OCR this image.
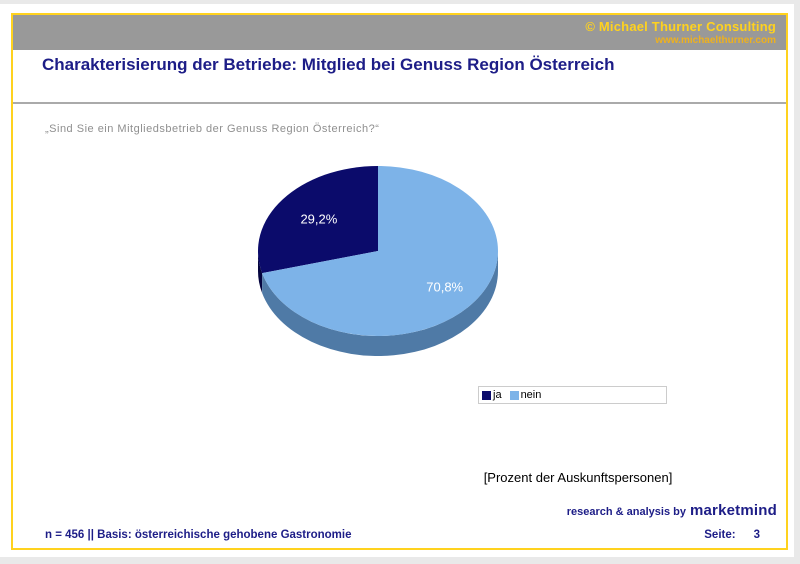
© Michael Thurner Consulting
www.michaelthurner.com
Charakterisierung der Betriebe: Mitglied bei Genuss Region Österreich
„Sind Sie ein Mitgliedsbetrieb der Genuss Region Österreich?“
29,2%
70,8%
ja nein
[Prozent der Auskunftspersonen]
research & analysis by marketmind
n = 456 || Basis: österreichische gehobene Gastronomie	Seite: 3
